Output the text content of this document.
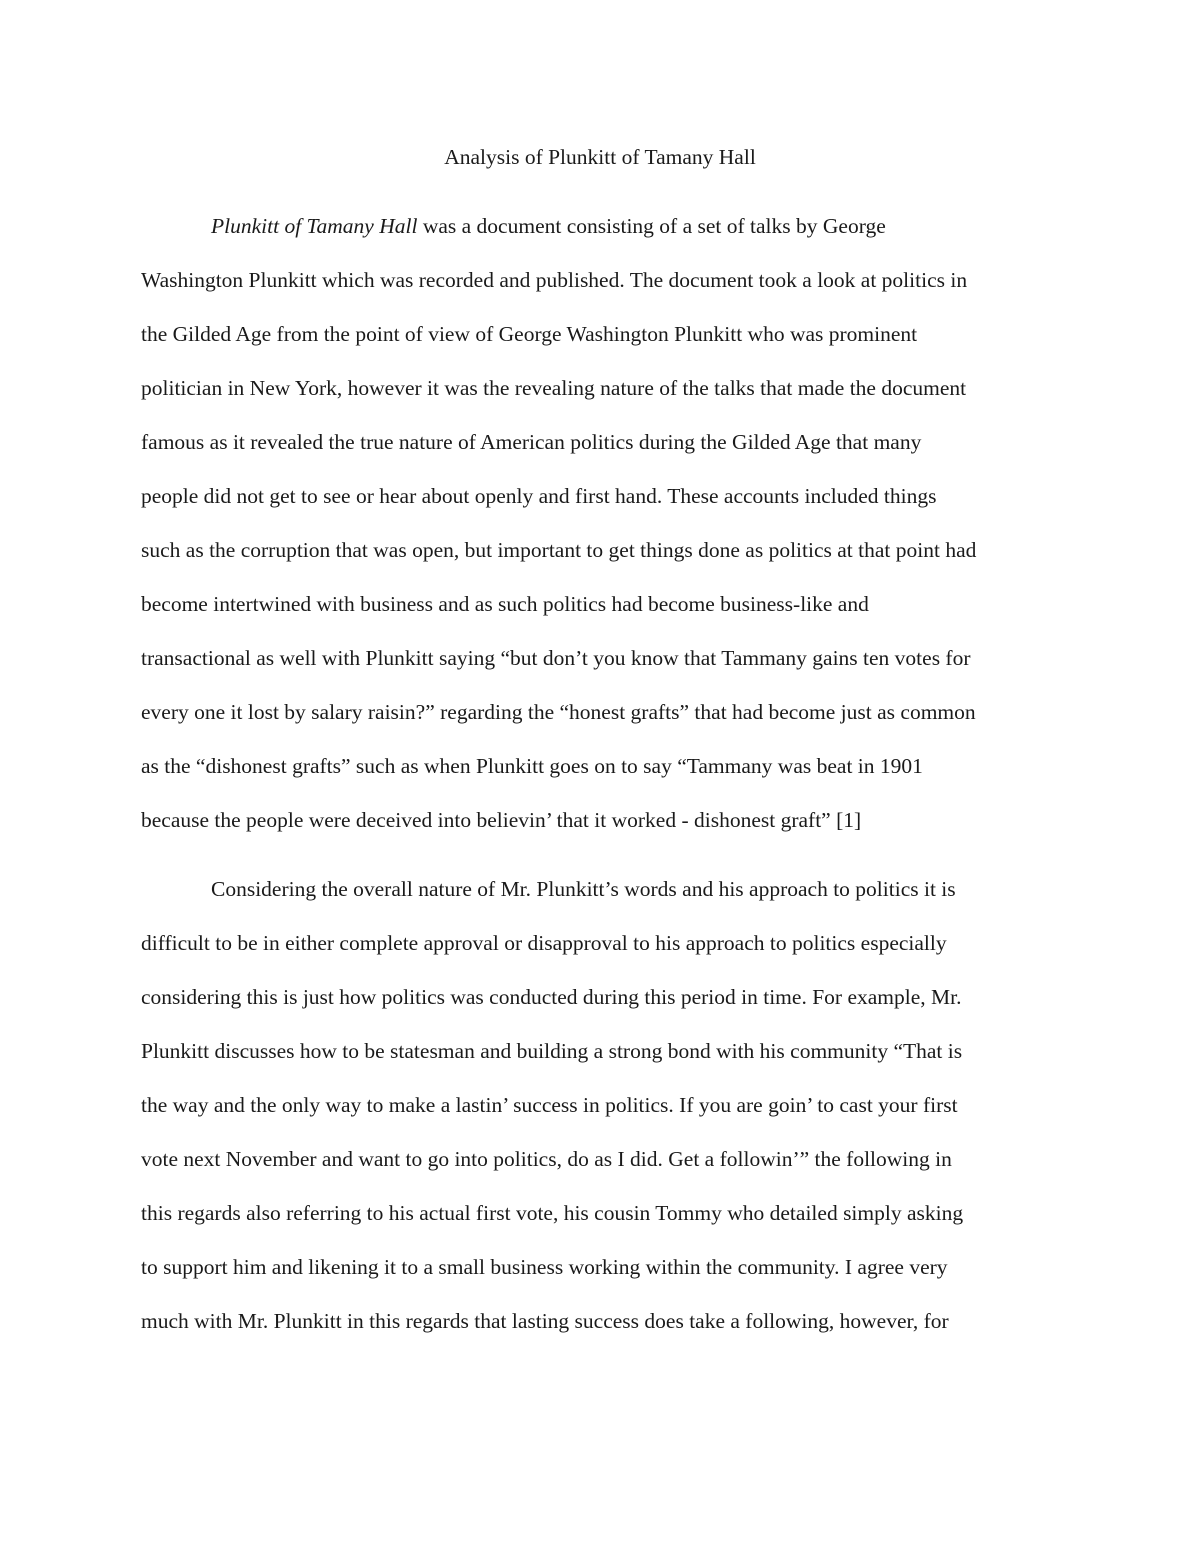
Analysis of Plunkitt of Tamany Hall
Plunkitt of Tamany Hall was a document consisting of a set of talks by George
Washington Plunkitt which was recorded and published. The document took a look at politics in
the Gilded Age from the point of view of George Washington Plunkitt who was prominent
politician in New York, however it was the revealing nature of the talks that made the document
famous as it revealed the true nature of American politics during the Gilded Age that many
people did not get to see or hear about openly and first hand. These accounts included things
such as the corruption that was open, but important to get things done as politics at that point had
become intertwined with business and as such politics had become business-like and
transactional as well with Plunkitt saying “but don’t you know that Tammany gains ten votes for
every one it lost by salary raisin?” regarding the “honest grafts” that had become just as common
as the “dishonest grafts” such as when Plunkitt goes on to say “Tammany was beat in 1901
because the people were deceived into believin’ that it worked - dishonest graft” [1]
Considering the overall nature of Mr. Plunkitt’s words and his approach to politics it is
difficult to be in either complete approval or disapproval to his approach to politics especially
considering this is just how politics was conducted during this period in time. For example, Mr.
Plunkitt discusses how to be statesman and building a strong bond with his community “That is
the way and the only way to make a lastin’ success in politics. If you are goin’ to cast your first
vote next November and want to go into politics, do as I did. Get a followin’” the following in
this regards also referring to his actual first vote, his cousin Tommy who detailed simply asking
to support him and likening it to a small business working within the community. I agree very
much with Mr. Plunkitt in this regards that lasting success does take a following, however, for
